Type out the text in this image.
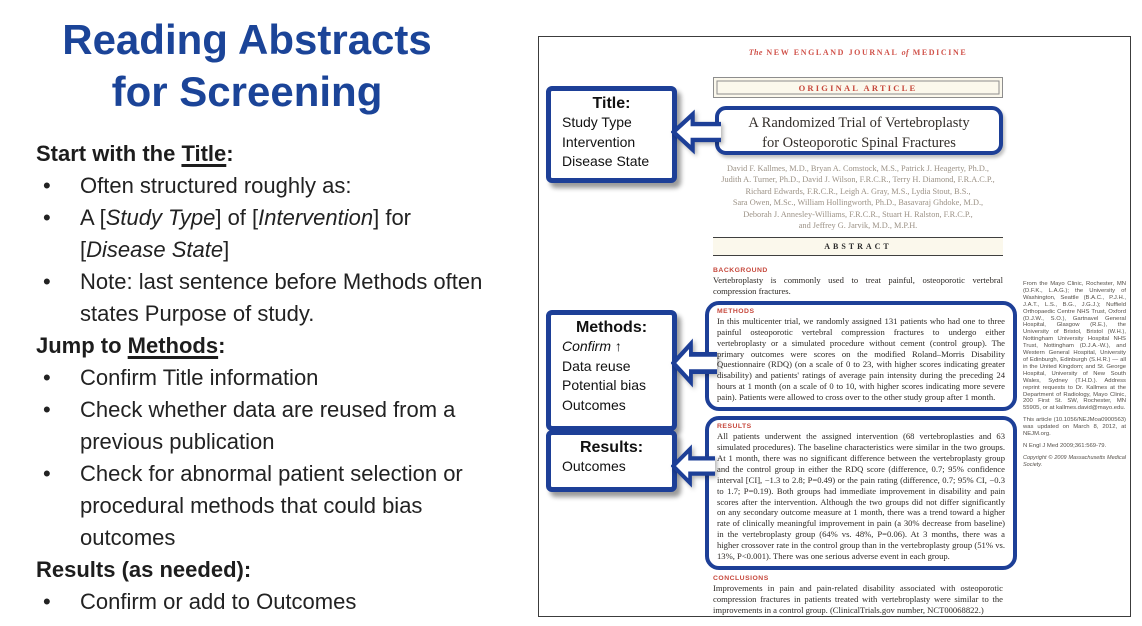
Reading Abstracts
for Screening
Start with the Title:
•	Often structured roughly as:
•	A [Study Type] of [Intervention] for [Disease State]
•	Note: last sentence before Methods often states Purpose of study.
Jump to Methods:
•	Confirm Title information
•	Check whether data are reused from a previous publication
•	Check for abnormal patient selection or procedural methods that could bias outcomes
Results (as needed):
•	Confirm or add to Outcomes
The NEW ENGLAND JOURNAL of MEDICINE
ORIGINAL ARTICLE
A Randomized Trial of Vertebroplasty
for Osteoporotic Spinal Fractures
David F. Kallmes, M.D., Bryan A. Comstock, M.S., Patrick J. Heagerty, Ph.D.,
Judith A. Turner, Ph.D., David J. Wilson, F.R.C.R., Terry H. Diamond, F.R.A.C.P.,
Richard Edwards, F.R.C.R., Leigh A. Gray, M.S., Lydia Stout, B.S.,
Sara Owen, M.Sc., William Hollingworth, Ph.D., Basavaraj Ghdoke, M.D.,
Deborah J. Annesley-Williams, F.R.C.R., Stuart H. Ralston, F.R.C.P.,
and Jeffrey G. Jarvik, M.D., M.P.H.
ABSTRACT
BACKGROUND

Vertebroplasty is commonly used to treat painful, osteoporotic vertebral compression fractures.

METHODS

In this multicenter trial, we randomly assigned 131 patients who had one to three painful osteoporotic vertebral compression fractures to undergo either vertebroplasty or a simulated procedure without cement (control group). The primary outcomes were scores on the modified Roland–Morris Disability Questionnaire (RDQ) (on a scale of 0 to 23, with higher scores indicating greater disability) and patients' ratings of average pain intensity during the preceding 24 hours at 1 month (on a scale of 0 to 10, with higher scores indicating more severe pain). Patients were allowed to cross over to the other study group after 1 month.

RESULTS

All patients underwent the assigned intervention (68 vertebroplasties and 63 simulated procedures). The baseline characteristics were similar in the two groups. At 1 month, there was no significant difference between the vertebroplasty group and the control group in either the RDQ score (difference, 0.7; 95% confidence interval [CI], −1.3 to 2.8; P=0.49) or the pain rating (difference, 0.7; 95% CI, −0.3 to 1.7; P=0.19). Both groups had immediate improvement in disability and pain scores after the intervention. Although the two groups did not differ significantly on any secondary outcome measure at 1 month, there was a trend toward a higher rate of clinically meaningful improvement in pain (a 30% decrease from baseline) in the vertebroplasty group (64% vs. 48%, P=0.06). At 3 months, there was a higher crossover rate in the control group than in the vertebroplasty group (51% vs. 13%, P<0.001). There was one serious adverse event in each group.

CONCLUSIONS

Improvements in pain and pain-related disability associated with osteoporotic compression fractures in patients treated with vertebroplasty were similar to the improvements in a control group. (ClinicalTrials.gov number, NCT00068822.)

From the Mayo Clinic, Rochester, MN (D.F.K., L.A.G.); the University of Washington, Seattle (B.A.C., P.J.H., J.A.T., L.S., B.G., J.G.J.); Nuffield Orthopaedic Centre NHS Trust, Oxford (D.J.W., S.O.), Gartnavel General Hospital, Glasgow (R.E.), the University of Bristol, Bristol (W.H.), Nottingham University Hospital NHS Trust, Nottingham (D.J.A.-W.), and Western General Hospital, University of Edinburgh, Edinburgh (S.H.R.) — all in the United Kingdom; and St. George Hospital, University of New South Wales, Sydney (T.H.D.). Address reprint requests to Dr. Kallmes at the Department of Radiology, Mayo Clinic, 200 First St. SW, Rochester, MN 55905, or at kallmes.david@mayo.edu.

This article (10.1056/NEJMoa0900563) was updated on March 8, 2012, at NEJM.org.

N Engl J Med 2009;361:569-79.

Copyright © 2009 Massachusetts Medical Society.

Title:
Study Type
Intervention
Disease State
Methods:
Confirm ↑
Data reuse
Potential bias
Outcomes
Results:
Outcomes
